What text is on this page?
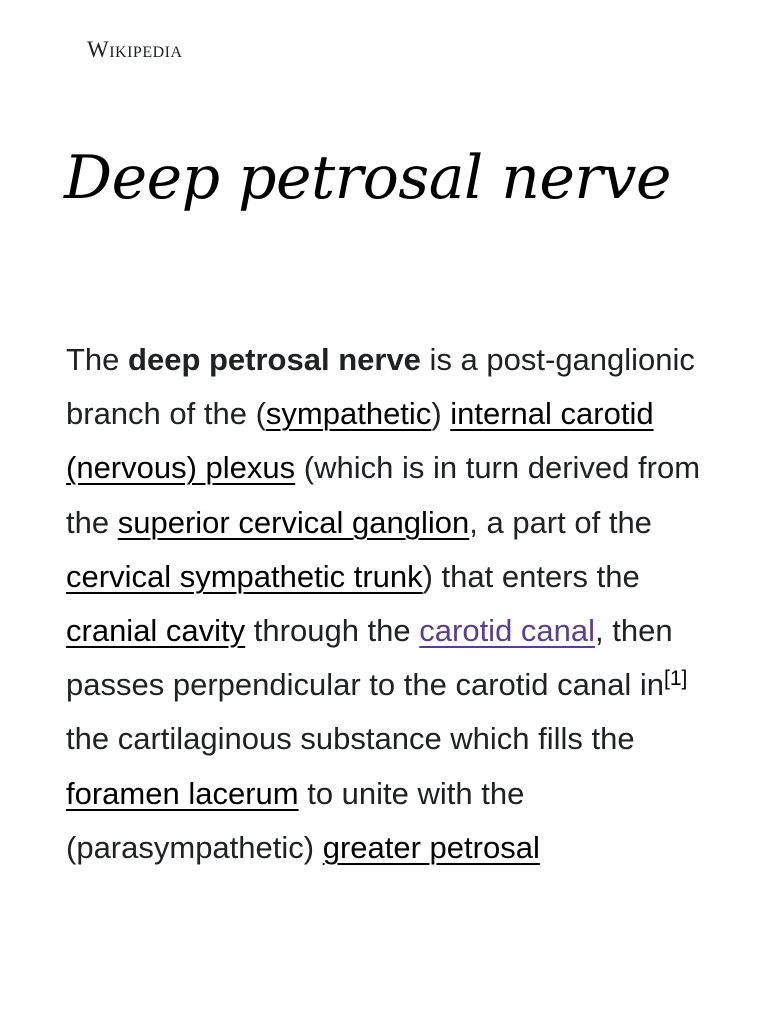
Wikipedia
Deep petrosal nerve

The deep petrosal nerve is a post-ganglionic branch of the (sympathetic) internal carotid (nervous) plexus (which is in turn derived from the superior cervical ganglion, a part of the cervical sympathetic trunk) that enters the cranial cavity through the carotid canal, then passes perpendicular to the carotid canal in[1] the cartilaginous substance which fills the foramen lacerum to unite with the (parasympathetic) greater petrosal
